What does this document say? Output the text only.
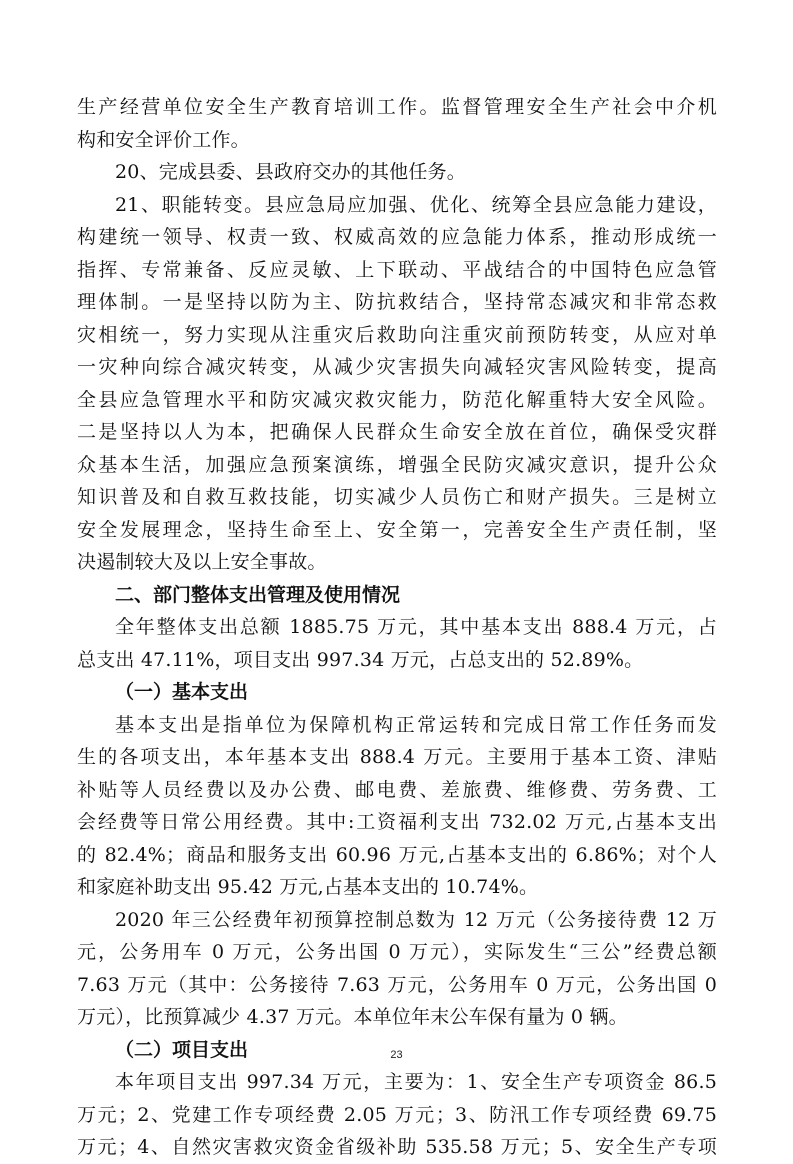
生产经营单位安全生产教育培训工作。监督管理安全生产社会中介机
构和安全评价工作。
20、完成县委、县政府交办的其他任务。
21、职能转变。县应急局应加强、优化、统筹全县应急能力建设，
构建统一领导、权责一致、权威高效的应急能力体系，推动形成统一
指挥、专常兼备、反应灵敏、上下联动、平战结合的中国特色应急管
理体制。一是坚持以防为主、防抗救结合，坚持常态减灾和非常态救
灾相统一，努力实现从注重灾后救助向注重灾前预防转变，从应对单
一灾种向综合减灾转变，从减少灾害损失向减轻灾害风险转变，提高
全县应急管理水平和防灾减灾救灾能力，防范化解重特大安全风险。
二是坚持以人为本，把确保人民群众生命安全放在首位，确保受灾群
众基本生活，加强应急预案演练，增强全民防灾减灾意识，提升公众
知识普及和自救互救技能，切实减少人员伤亡和财产损失。三是树立
安全发展理念，坚持生命至上、安全第一，完善安全生产责任制，坚
决遏制较大及以上安全事故。
二、部门整体支出管理及使用情况
全年整体支出总额 1885.75 万元，其中基本支出 888.4 万元，占
总支出 47.11%，项目支出 997.34 万元，占总支出的 52.89%。
（一）基本支出
基本支出是指单位为保障机构正常运转和完成日常工作任务而发
生的各项支出，本年基本支出 888.4 万元。主要用于基本工资、津贴
补贴等人员经费以及办公费、邮电费、差旅费、维修费、劳务费、工
会经费等日常公用经费。其中:工资福利支出 732.02 万元,占基本支出
的 82.4%；商品和服务支出 60.96 万元,占基本支出的 6.86%；对个人
和家庭补助支出 95.42 万元,占基本支出的 10.74%。
2020 年三公经费年初预算控制总数为 12 万元（公务接待费 12 万
元，公务用车 0 万元，公务出国 0 万元），实际发生“三公”经费总额
7.63 万元（其中：公务接待 7.63 万元，公务用车 0 万元，公务出国 0
万元），比预算减少 4.37 万元。本单位年末公车保有量为 0 辆。
（二）项目支出
本年项目支出 997.34 万元，主要为：1、安全生产专项资金 86.5
万元；2、党建工作专项经费 2.05 万元；3、防汛工作专项经费 69.75
万元；4、自然灾害救灾资金省级补助 535.58 万元；5、安全生产专项
23
